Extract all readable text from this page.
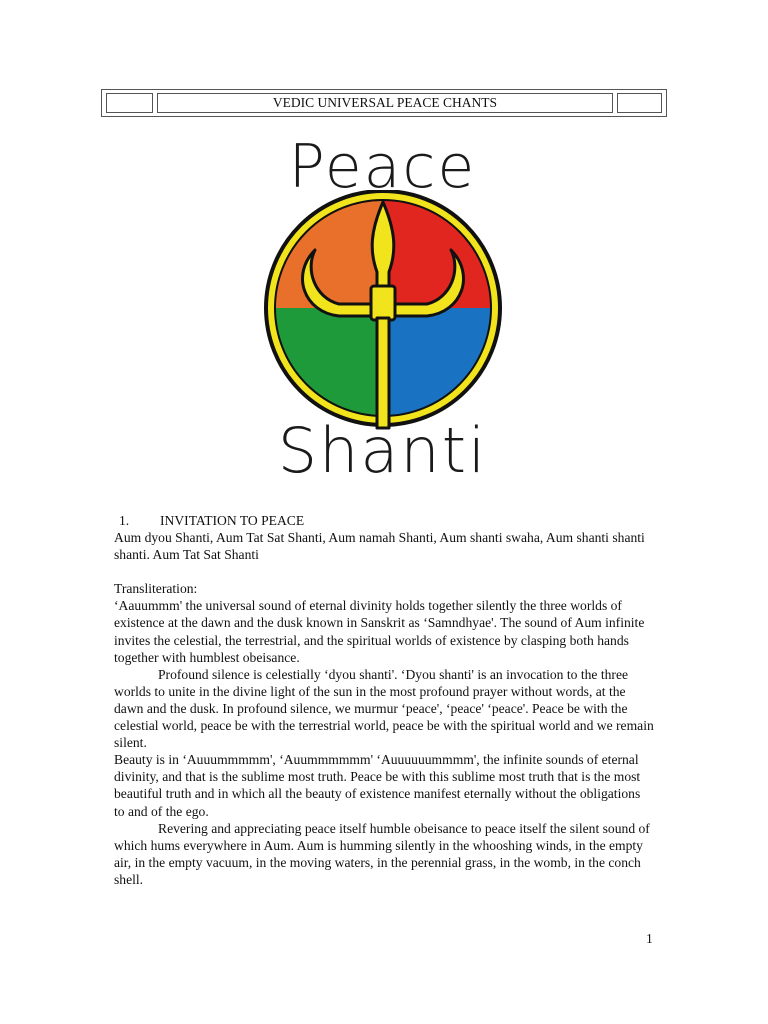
VEDIC UNIVERSAL PEACE CHANTS
Peace
Shanti

1. INVITATION TO PEACE

Aum dyou Shanti, Aum Tat Sat Shanti, Aum namah Shanti, Aum shanti swaha, Aum shanti shanti shanti. Aum Tat Sat Shanti

Transliteration:

‘Aauummm' the universal sound of eternal divinity holds together silently the three worlds of existence at the dawn and the dusk known in Sanskrit as ‘Samndhyae'. The sound of Aum infinite invites the celestial, the terrestrial, and the spiritual worlds of existence by clasping both hands together with humblest obeisance.

Profound silence is celestially ‘dyou shanti'. ‘Dyou shanti' is an invocation to the three worlds to unite in the divine light of the sun in the most profound prayer without words, at the dawn and the dusk. In profound silence, we murmur ‘peace', ‘peace' ‘peace'. Peace be with the celestial world, peace be with the terrestrial world, peace be with the spiritual world and we remain silent.

Beauty is in ‘Auuummmmm', ‘Auummmmmm' ‘Auuuuuummmm', the infinite sounds of eternal divinity, and that is the sublime most truth. Peace be with this sublime most truth that is the most beautiful truth and in which all the beauty of existence manifest eternally without the obligations to and of the ego.

Revering and appreciating peace itself humble obeisance to peace itself the silent sound of which hums everywhere in Aum. Aum is humming silently in the whooshing winds, in the empty air, in the empty vacuum, in the moving waters, in the perennial grass, in the womb, in the conch shell.

1
